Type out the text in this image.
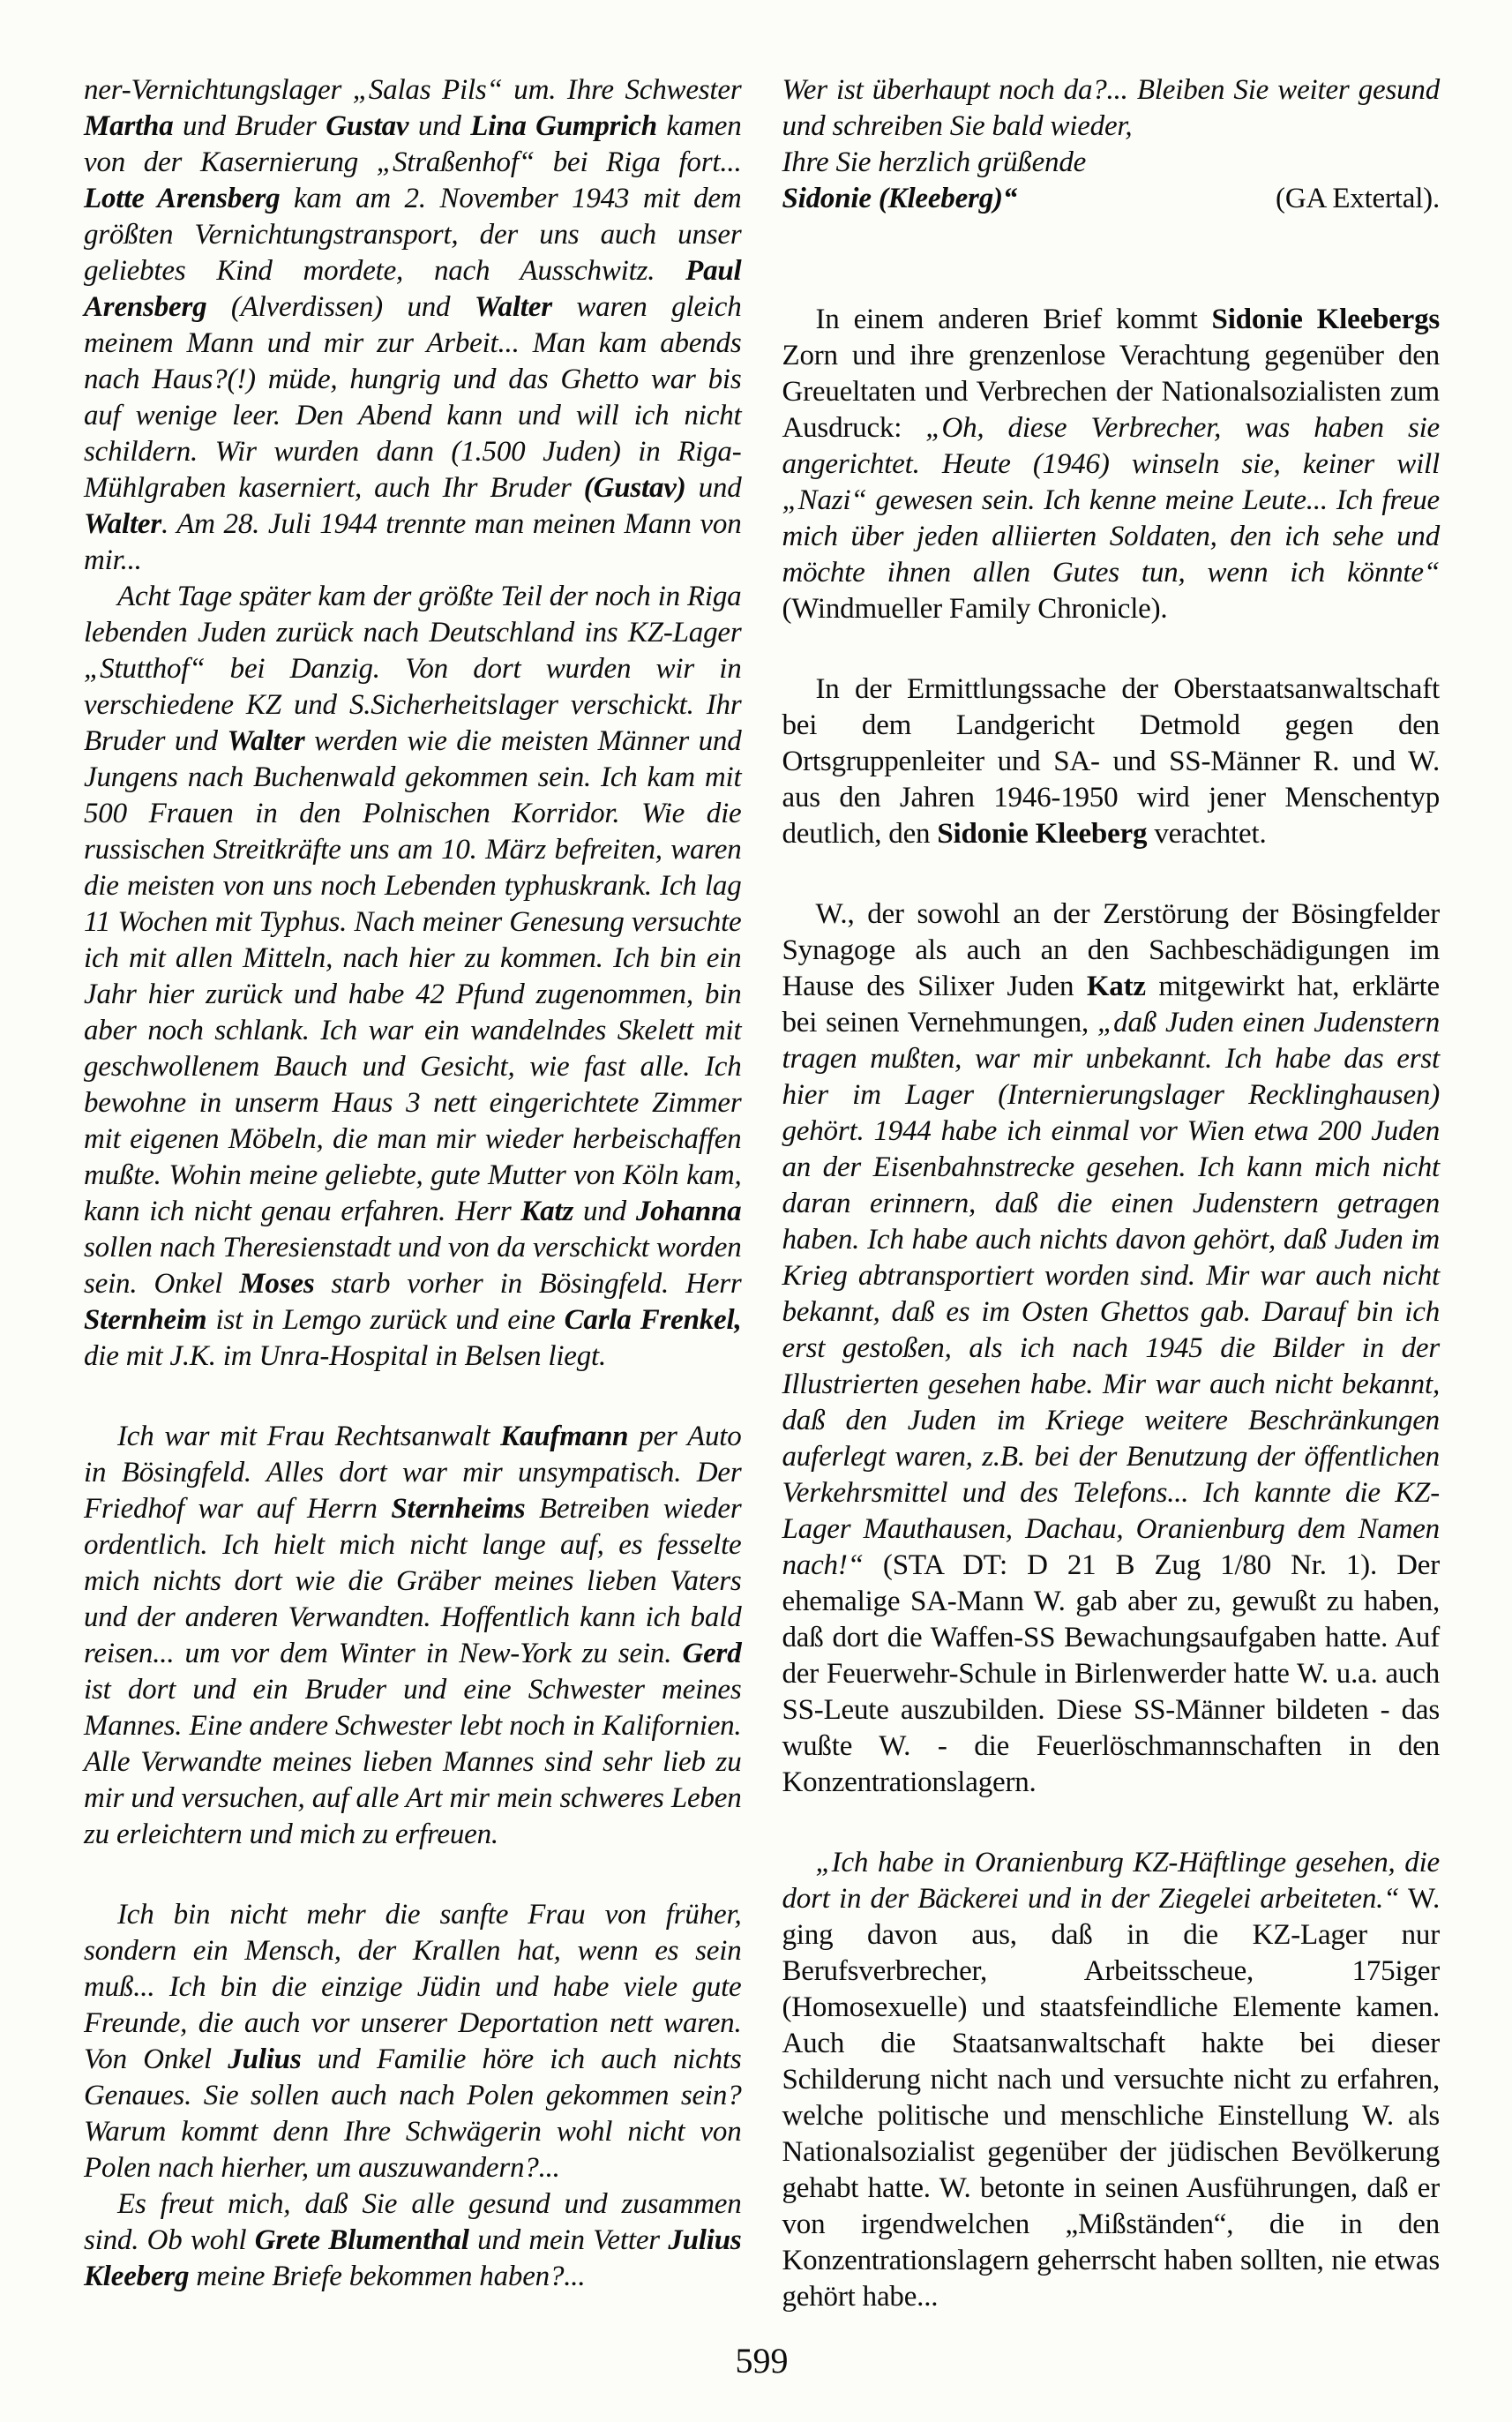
ner-Vernichtungslager „Salas Pils“ um. Ihre Schwester Martha und Bruder Gustav und Lina Gumprich kamen von der Kasernierung „Straßenhof“ bei Riga fort... Lotte Arensberg kam am 2. November 1943 mit dem größten Vernichtungstransport, der uns auch unser geliebtes Kind mordete, nach Ausschwitz. Paul Arensberg (Alverdissen) und Walter waren gleich meinem Mann und mir zur Arbeit... Man kam abends nach Haus?(!) müde, hungrig und das Ghetto war bis auf wenige leer. Den Abend kann und will ich nicht schildern. Wir wurden dann (1.500 Juden) in Riga-Mühlgraben kaserniert, auch Ihr Bruder (Gustav) und Walter. Am 28. Juli 1944 trennte man meinen Mann von mir...

Acht Tage später kam der größte Teil der noch in Riga lebenden Juden zurück nach Deutschland ins KZ-Lager „Stutthof“ bei Danzig. Von dort wurden wir in verschiedene KZ und S.Sicherheitslager verschickt. Ihr Bruder und Walter werden wie die meisten Männer und Jungens nach Buchenwald gekommen sein. Ich kam mit 500 Frauen in den Polnischen Korridor. Wie die russischen Streitkräfte uns am 10. März befreiten, waren die meisten von uns noch Lebenden typhuskrank. Ich lag 11 Wochen mit Typhus. Nach meiner Genesung versuchte ich mit allen Mitteln, nach hier zu kommen. Ich bin ein Jahr hier zurück und habe 42 Pfund zugenommen, bin aber noch schlank. Ich war ein wandelndes Skelett mit geschwollenem Bauch und Gesicht, wie fast alle. Ich bewohne in unserm Haus 3 nett eingerichtete Zimmer mit eigenen Möbeln, die man mir wieder herbeischaffen mußte. Wohin meine geliebte, gute Mutter von Köln kam, kann ich nicht genau erfahren. Herr Katz und Johanna sollen nach Theresienstadt und von da verschickt worden sein. Onkel Moses starb vorher in Bösingfeld. Herr Sternheim ist in Lemgo zurück und eine Carla Frenkel, die mit J.K. im Unra-Hospital in Belsen liegt.

Ich war mit Frau Rechtsanwalt Kaufmann per Auto in Bösingfeld. Alles dort war mir unsympatisch. Der Friedhof war auf Herrn Sternheims Betreiben wieder ordentlich. Ich hielt mich nicht lange auf, es fesselte mich nichts dort wie die Gräber meines lieben Vaters und der anderen Verwandten. Hoffentlich kann ich bald reisen... um vor dem Winter in New-York zu sein. Gerd ist dort und ein Bruder und eine Schwester meines Mannes. Eine andere Schwester lebt noch in Kalifornien. Alle Verwandte meines lieben Mannes sind sehr lieb zu mir und versuchen, auf alle Art mir mein schweres Leben zu erleichtern und mich zu erfreuen.

Ich bin nicht mehr die sanfte Frau von früher, sondern ein Mensch, der Krallen hat, wenn es sein muß... Ich bin die einzige Jüdin und habe viele gute Freunde, die auch vor unserer Deportation nett waren. Von Onkel Julius und Familie höre ich auch nichts Genaues. Sie sollen auch nach Polen gekommen sein? Warum kommt denn Ihre Schwägerin wohl nicht von Polen nach hierher, um auszuwandern?...

Es freut mich, daß Sie alle gesund und zusammen sind. Ob wohl Grete Blumenthal und mein Vetter Julius Kleeberg meine Briefe bekommen haben?...

Wer ist überhaupt noch da?... Bleiben Sie weiter gesund und schreiben Sie bald wieder,

Ihre Sie herzlich grüßende

Sidonie (Kleeberg)“	(GA Extertal).

In einem anderen Brief kommt Sidonie Kleebergs Zorn und ihre grenzenlose Verachtung gegenüber den Greueltaten und Verbrechen der Nationalsozialisten zum Ausdruck: „Oh, diese Verbrecher, was haben sie angerichtet. Heute (1946) winseln sie, keiner will „Nazi“ gewesen sein. Ich kenne meine Leute... Ich freue mich über jeden alliierten Soldaten, den ich sehe und möchte ihnen allen Gutes tun, wenn ich könnte“ (Windmueller Family Chronicle).

In der Ermittlungssache der Oberstaatsanwaltschaft bei dem Landgericht Detmold gegen den Ortsgruppenleiter und SA- und SS-Männer R. und W. aus den Jahren 1946-1950 wird jener Menschentyp deutlich, den Sidonie Kleeberg verachtet.

W., der sowohl an der Zerstörung der Bösingfelder Synagoge als auch an den Sachbeschädigungen im Hause des Silixer Juden Katz mitgewirkt hat, erklärte bei seinen Vernehmungen, „daß Juden einen Judenstern tragen mußten, war mir unbekannt. Ich habe das erst hier im Lager (Internierungslager Recklinghausen) gehört. 1944 habe ich einmal vor Wien etwa 200 Juden an der Eisenbahnstrecke gesehen. Ich kann mich nicht daran erinnern, daß die einen Judenstern getragen haben. Ich habe auch nichts davon gehört, daß Juden im Krieg abtransportiert worden sind. Mir war auch nicht bekannt, daß es im Osten Ghettos gab. Darauf bin ich erst gestoßen, als ich nach 1945 die Bilder in der Illustrierten gesehen habe. Mir war auch nicht bekannt, daß den Juden im Kriege weitere Beschränkungen auferlegt waren, z.B. bei der Benutzung der öffentlichen Verkehrsmittel und des Telefons... Ich kannte die KZ-Lager Mauthausen, Dachau, Oranienburg dem Namen nach!“ (STA DT: D 21 B Zug 1/80 Nr. 1). Der ehemalige SA-Mann W. gab aber zu, gewußt zu haben, daß dort die Waffen-SS Bewachungsaufgaben hatte. Auf der Feuerwehr-Schule in Birlenwerder hatte W. u.a. auch SS-Leute auszubilden. Diese SS-Männer bildeten - das wußte W. - die Feuerlöschmannschaften in den Konzentrationslagern.

„Ich habe in Oranienburg KZ-Häftlinge gesehen, die dort in der Bäckerei und in der Ziegelei arbeiteten.“ W. ging davon aus, daß in die KZ-Lager nur Berufsverbrecher, Arbeitsscheue, 175iger (Homosexuelle) und staatsfeindliche Elemente kamen. Auch die Staatsanwaltschaft hakte bei dieser Schilderung nicht nach und versuchte nicht zu erfahren, welche politische und menschliche Einstellung W. als Nationalsozialist gegenüber der jüdischen Bevölkerung gehabt hatte. W. betonte in seinen Ausführungen, daß er von irgendwelchen „Mißständen“, die in den Konzentrationslagern geherrscht haben sollten, nie etwas gehört habe...

599
